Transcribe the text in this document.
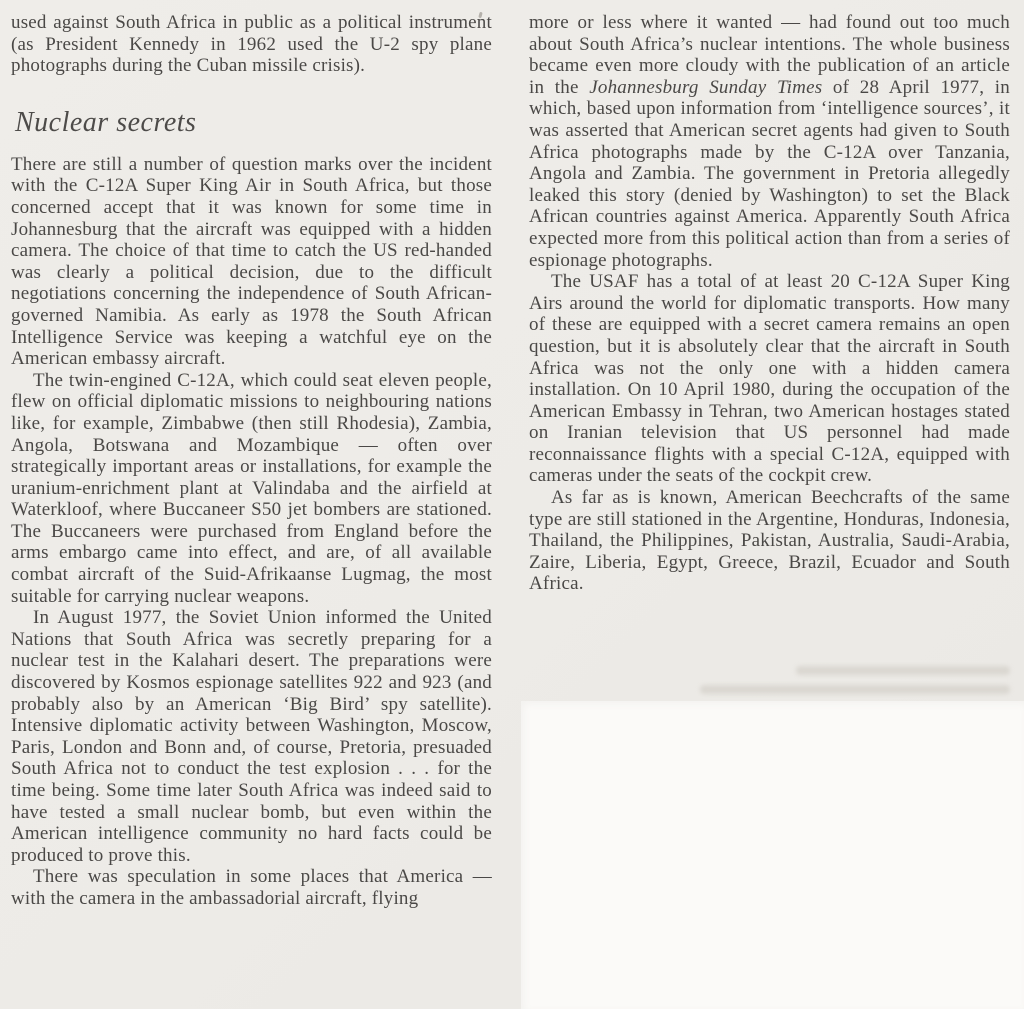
used against South Africa in public as a political instrument (as President Kennedy in 1962 used the U-2 spy plane photographs during the Cuban missile crisis).

Nuclear secrets

There are still a number of question marks over the incident with the C-12A Super King Air in South Africa, but those concerned accept that it was known for some time in Johannesburg that the aircraft was equipped with a hidden camera. The choice of that time to catch the US red-handed was clearly a political decision, due to the difficult negotiations concerning the independence of South African-governed Namibia. As early as 1978 the South African Intelligence Service was keeping a watchful eye on the American embassy aircraft.

The twin-engined C-12A, which could seat eleven people, flew on official diplomatic missions to neighbouring nations like, for example, Zimbabwe (then still Rhodesia), Zambia, Angola, Botswana and Mozambique — often over strategically important areas or installations, for example the uranium-enrichment plant at Valindaba and the airfield at Waterkloof, where Buccaneer S50 jet bombers are stationed. The Buccaneers were purchased from England before the arms embargo came into effect, and are, of all available combat aircraft of the Suid-Afrikaanse Lugmag, the most suitable for carrying nuclear weapons.

In August 1977, the Soviet Union informed the United Nations that South Africa was secretly preparing for a nuclear test in the Kalahari desert. The preparations were discovered by Kosmos espionage satellites 922 and 923 (and probably also by an American ‘Big Bird’ spy satellite). Intensive diplomatic activity between Washington, Moscow, Paris, London and Bonn and, of course, Pretoria, presuaded South Africa not to conduct the test explosion . . . for the time being. Some time later South Africa was indeed said to have tested a small nuclear bomb, but even within the American intelligence community no hard facts could be produced to prove this.

There was speculation in some places that America — with the camera in the ambassadorial aircraft, flying

more or less where it wanted — had found out too much about South Africa’s nuclear intentions. The whole business became even more cloudy with the publication of an article in the Johannesburg Sunday Times of 28 April 1977, in which, based upon information from ‘intelligence sources’, it was asserted that American secret agents had given to South Africa photographs made by the C-12A over Tanzania, Angola and Zambia. The government in Pretoria allegedly leaked this story (denied by Washington) to set the Black African countries against America. Apparently South Africa expected more from this political action than from a series of espionage photographs.

The USAF has a total of at least 20 C-12A Super King Airs around the world for diplomatic transports. How many of these are equipped with a secret camera remains an open question, but it is absolutely clear that the aircraft in South Africa was not the only one with a hidden camera installation. On 10 April 1980, during the occupation of the American Embassy in Tehran, two American hostages stated on Iranian television that US personnel had made reconnaissance flights with a special C-12A, equipped with cameras under the seats of the cockpit crew.

As far as is known, American Beechcrafts of the same type are still stationed in the Argentine, Honduras, Indonesia, Thailand, the Philippines, Pakistan, Australia, Saudi-Arabia, Zaire, Liberia, Egypt, Greece, Brazil, Ecuador and South Africa.
